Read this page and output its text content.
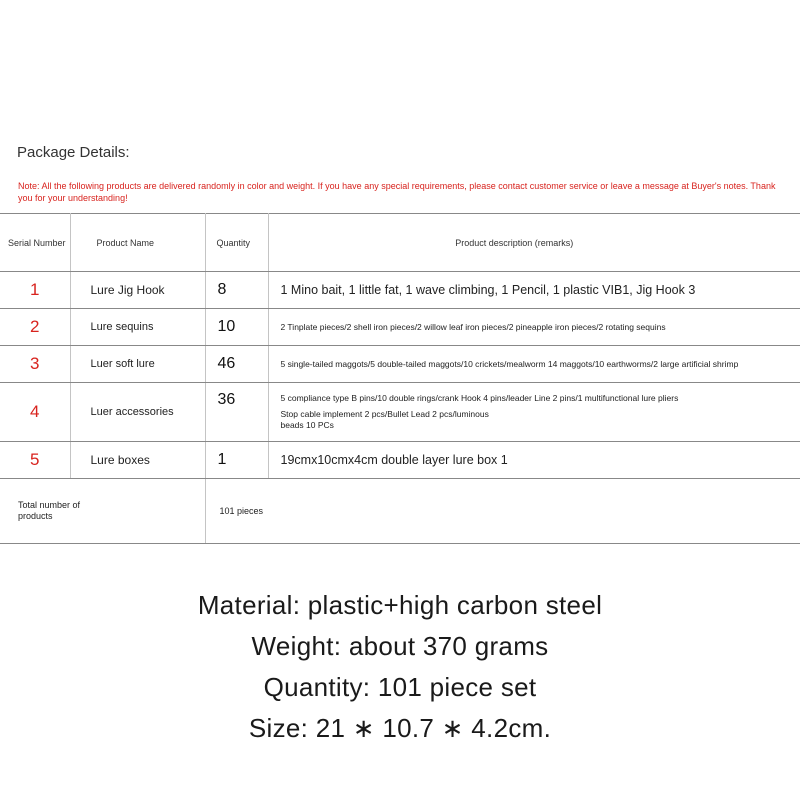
Package Details:
Note: All the following products are delivered randomly in color and weight. If you have any special requirements, please contact customer service or leave a message at Buyer's notes. Thank you for your understanding!
Serial Number	Product Name	Quantity	Product description (remarks)
1	Lure Jig Hook	8	1 Mino bait, 1 little fat, 1 wave climbing, 1 Pencil, 1 plastic VIB1, Jig Hook 3

2	Lure sequins	10	2 Tinplate pieces/2 shell iron pieces/2 willow leaf iron pieces/2 pineapple iron pieces/2 rotating sequins

3	Luer soft lure	46	5 single-tailed maggots/5 double-tailed maggots/10 crickets/mealworm 14 maggots/10 earthworms/2 large artificial shrimp

4	Luer accessories	36	5 compliance type B pins/10 double rings/crank Hook 4 pins/leader Line 2 pins/1 multifunctional lure pliers
Stop cable implement 2 pcs/Bullet Lead 2 pcs/luminous beads 10 PCs

5	Lure boxes	1	19cmx10cmx4cm double layer lure box 1

Total number of products		101 pieces	
Material: plastic+high carbon steel
Weight: about 370 grams
Quantity: 101 piece set
Size: 21 ∗ 10.7 ∗ 4.2cm.
